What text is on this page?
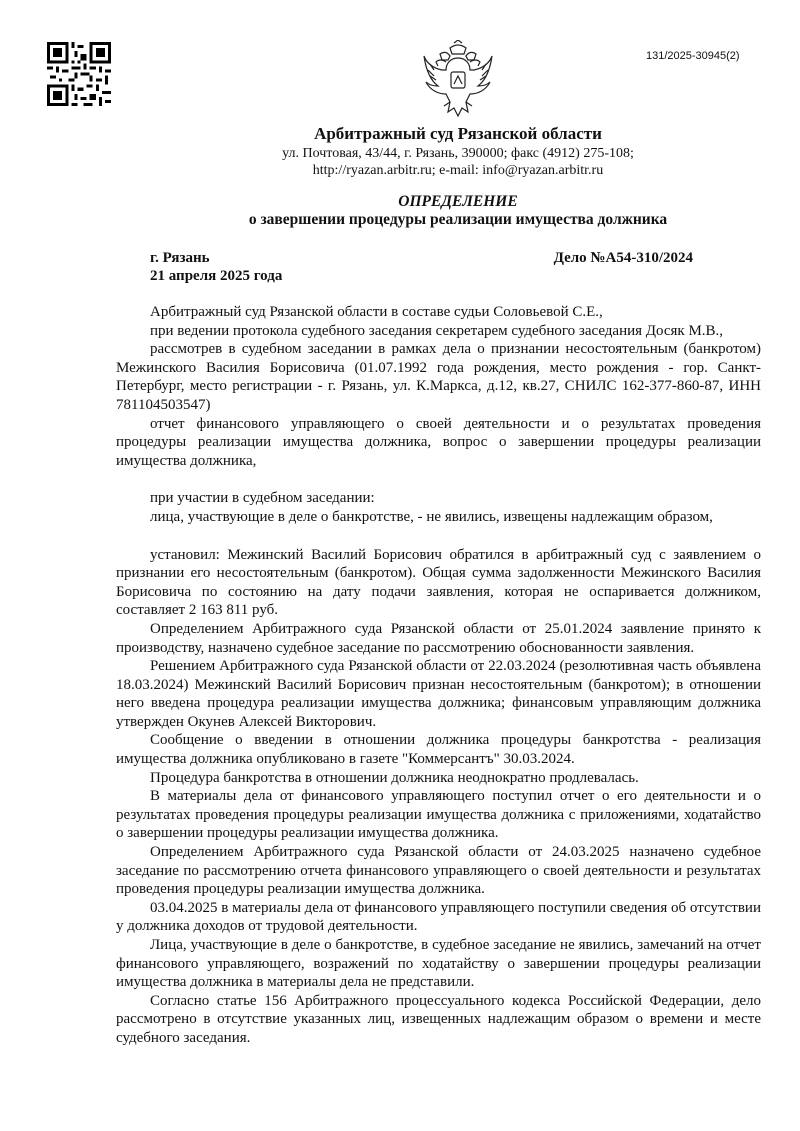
131/2025-30945(2)
Арбитражный суд Рязанской области
ул. Почтовая, 43/44, г. Рязань, 390000; факс (4912) 275-108;
http://ryazan.arbitr.ru; e-mail: info@ryazan.arbitr.ru
ОПРЕДЕЛЕНИЕ
о завершении процедуры реализации имущества должника
г. Рязань
21 апреля 2025 года
Дело №А54-310/2024

Арбитражный суд Рязанской области в составе судьи Соловьевой С.Е.,

при ведении протокола судебного заседания секретарем судебного заседания Досяк М.В.,

рассмотрев в судебном заседании в рамках дела о признании несостоятельным (банкротом) Межинского Василия Борисовича (01.07.1992 года рождения, место рождения - гор. Санкт-Петербург, место регистрации - г. Рязань, ул. К.Маркса, д.12, кв.27, СНИЛС 162-377-860-87, ИНН 781104503547)

отчет финансового управляющего о своей деятельности и о результатах проведения процедуры реализации имущества должника, вопрос о завершении процедуры реализации имущества должника,

при участии в судебном заседании:

лица, участвующие в деле о банкротстве, - не явились, извещены надлежащим образом,

установил: Межинский Василий Борисович обратился в арбитражный суд с заявлением о признании его несостоятельным (банкротом). Общая сумма задолженности Межинского Василия Борисовича по состоянию на дату подачи заявления, которая не оспаривается должником, составляет 2 163 811 руб.

Определением Арбитражного суда Рязанской области от 25.01.2024 заявление принято к производству, назначено судебное заседание по рассмотрению обоснованности заявления.

Решением Арбитражного суда Рязанской области от 22.03.2024 (резолютивная часть объявлена 18.03.2024) Межинский Василий Борисович признан несостоятельным (банкротом); в отношении него введена процедура реализации имущества должника; финансовым управляющим должника утвержден Окунев Алексей Викторович.

Сообщение о введении в отношении должника процедуры банкротства - реализация имущества должника опубликовано в газете "Коммерсантъ" 30.03.2024.

Процедура банкротства в отношении должника неоднократно продлевалась.

В материалы дела от финансового управляющего поступил отчет о его деятельности и о результатах проведения процедуры реализации имущества должника с приложениями, ходатайство о завершении процедуры реализации имущества должника.

Определением Арбитражного суда Рязанской области от 24.03.2025 назначено судебное заседание по рассмотрению отчета финансового управляющего о своей деятельности и результатах проведения процедуры реализации имущества должника.

03.04.2025 в материалы дела от финансового управляющего поступили сведения об отсутствии у должника доходов от трудовой деятельности.

Лица, участвующие в деле о банкротстве, в судебное заседание не явились, замечаний на отчет финансового управляющего, возражений по ходатайству о завершении процедуры реализации имущества должника в материалы дела не представили.

Согласно статье 156 Арбитражного процессуального кодекса Российской Федерации, дело рассмотрено в отсутствие указанных лиц, извещенных надлежащим образом о времени и месте судебного заседания.
